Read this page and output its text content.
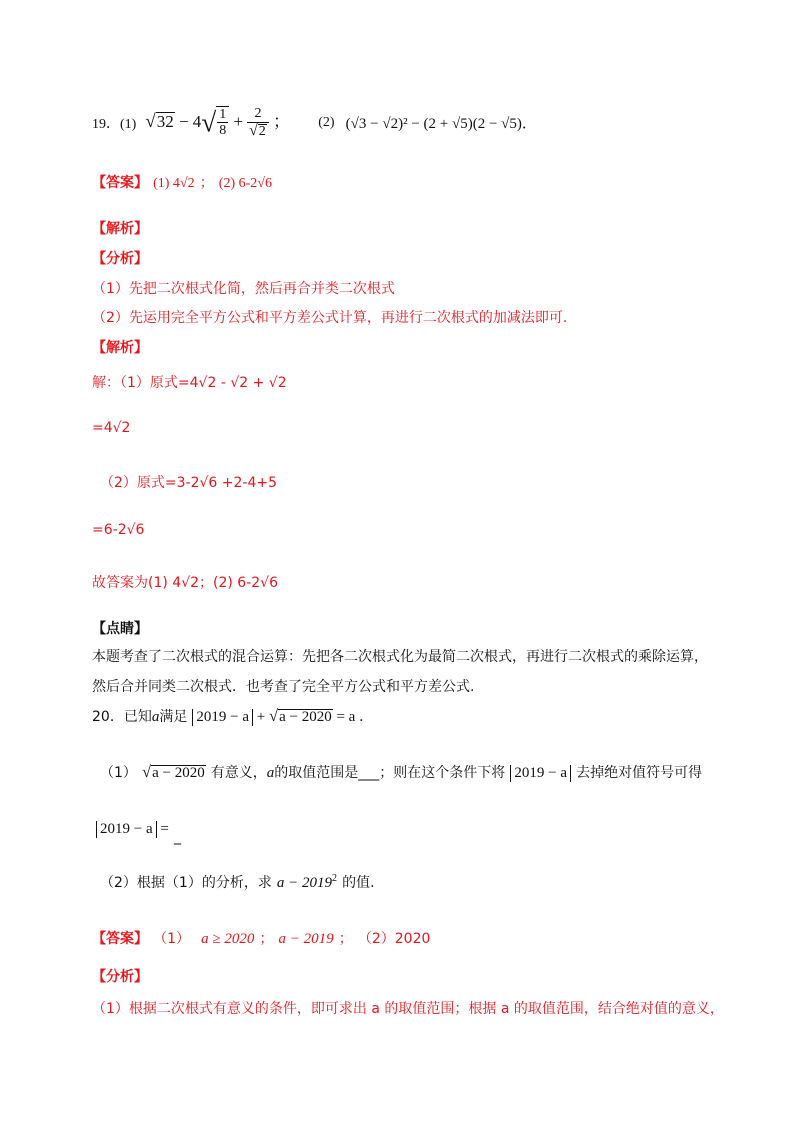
19．(1) $√32 - 4√ \frac{1}{8} + \frac{2}{√2}$ ； (2) (√3 − √2)² − (2 + √5)(2 − √5)．
【答案】 (1) 4√2 ； (2) 6-2√6
【解析】
【分析】
（1）先把二次根式化简，然后再合并类二次根式
（2）先运用完全平方公式和平方差公式计算，再进行二次根式的加减法即可.
【解析】
解：（1）原式=4√2 - √2 + √2
=4√2
（2）原式=3-2√6 +2-4+5
=6-2√6
故答案为(1) 4√2；(2) 6-2√6
【点睛】
本题考查了二次根式的混合运算：先把各二次根式化为最简二次根式，再进行二次根式的乘除运算，
然后合并同类二次根式．也考查了完全平方公式和平方差公式.
20．已知a满足 2019 − a + √a − 2020 = a ．
（1） √a − 2020 有意义，a的取值范围是___；则在这个条件下将 2019 − a 去掉绝对值符号可得
2019 − a = _
（2）根据（1）的分析，求 $a - 2019^2$ 的值.
【答案】 （1） a ≥ 2020 ； a − 2019 ； （2）2020
【分析】
（1）根据二次根式有意义的条件，即可求出 a 的取值范围；根据 a 的取值范围，结合绝对值的意义，
